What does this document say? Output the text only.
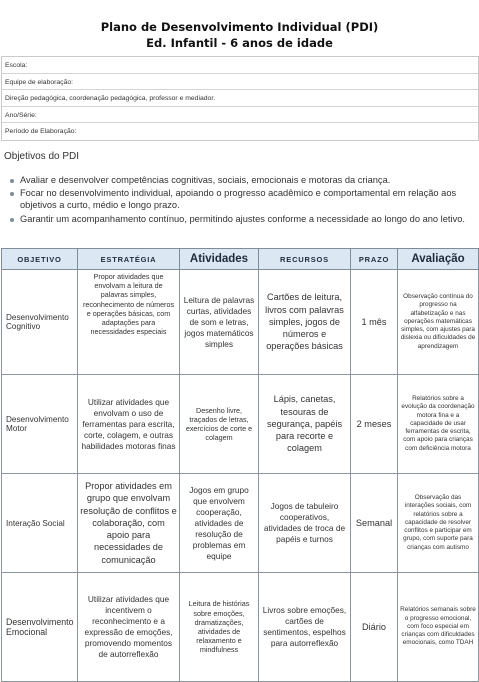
Plano de Desenvolvimento Individual (PDI)
Ed. Infantil - 6 anos de idade
Escola:
Equipe de elaboração:
Direção pedagógica, coordenação pedagógica, professor e mediador.
Ano/Série:
Período de Elaboração:
Objetivos do PDI
Avaliar e desenvolver competências cognitivas, sociais, emocionais e motoras da criança.
Focar no desenvolvimento individual, apoiando o progresso acadêmico e comportamental em relação aos objetivos a curto, médio e longo prazo.
Garantir um acompanhamento contínuo, permitindo ajustes conforme a necessidade ao longo do ano letivo.
OBJETIVO	ESTRATÉGIA	Atividades	RECURSOS	PRAZO	Avaliação
Desenvolvimento Cognitivo	Propor atividades que envolvam a leitura de palavras simples, reconhecimento de números e operações básicas, com adaptações para necessidades especiais	Leitura de palavras curtas, atividades de som e letras, jogos matemáticos simples	Cartões de leitura, livros com palavras simples, jogos de números e operações básicas	1 mês	Observação contínua do progresso na alfabetização e nas operações matemáticas simples, com ajustes para dislexia ou dificuldades de aprendizagem
Desenvolvimento Motor	Utilizar atividades que envolvam o uso de ferramentas para escrita, corte, colagem, e outras habilidades motoras finas	Desenho livre, traçados de letras, exercícios de corte e colagem	Lápis, canetas, tesouras de segurança, papéis para recorte e colagem	2 meses	Relatórios sobre a evolução da coordenação motora fina e a capacidade de usar ferramentas de escrita, com apoio para crianças com deficiência motora
Interação Social	Propor atividades em grupo que envolvam resolução de conflitos e colaboração, com apoio para necessidades de comunicação	Jogos em grupo que envolvem cooperação, atividades de resolução de problemas em equipe	Jogos de tabuleiro cooperativos, atividades de troca de papéis e turnos	Semanal	Observação das interações sociais, com relatórios sobre a capacidade de resolver conflitos e participar em grupo, com suporte para crianças com autismo
Desenvolvimento Emocional	Utilizar atividades que incentivem o reconhecimento e a expressão de emoções, promovendo momentos de autorreflexão	Leitura de histórias sobre emoções, dramatizações, atividades de relaxamento e mindfulness	Livros sobre emoções, cartões de sentimentos, espelhos para autorreflexão	Diário	Relatórios semanais sobre o progresso emocional, com foco especial em crianças com dificuldades emocionais, como TDAH
